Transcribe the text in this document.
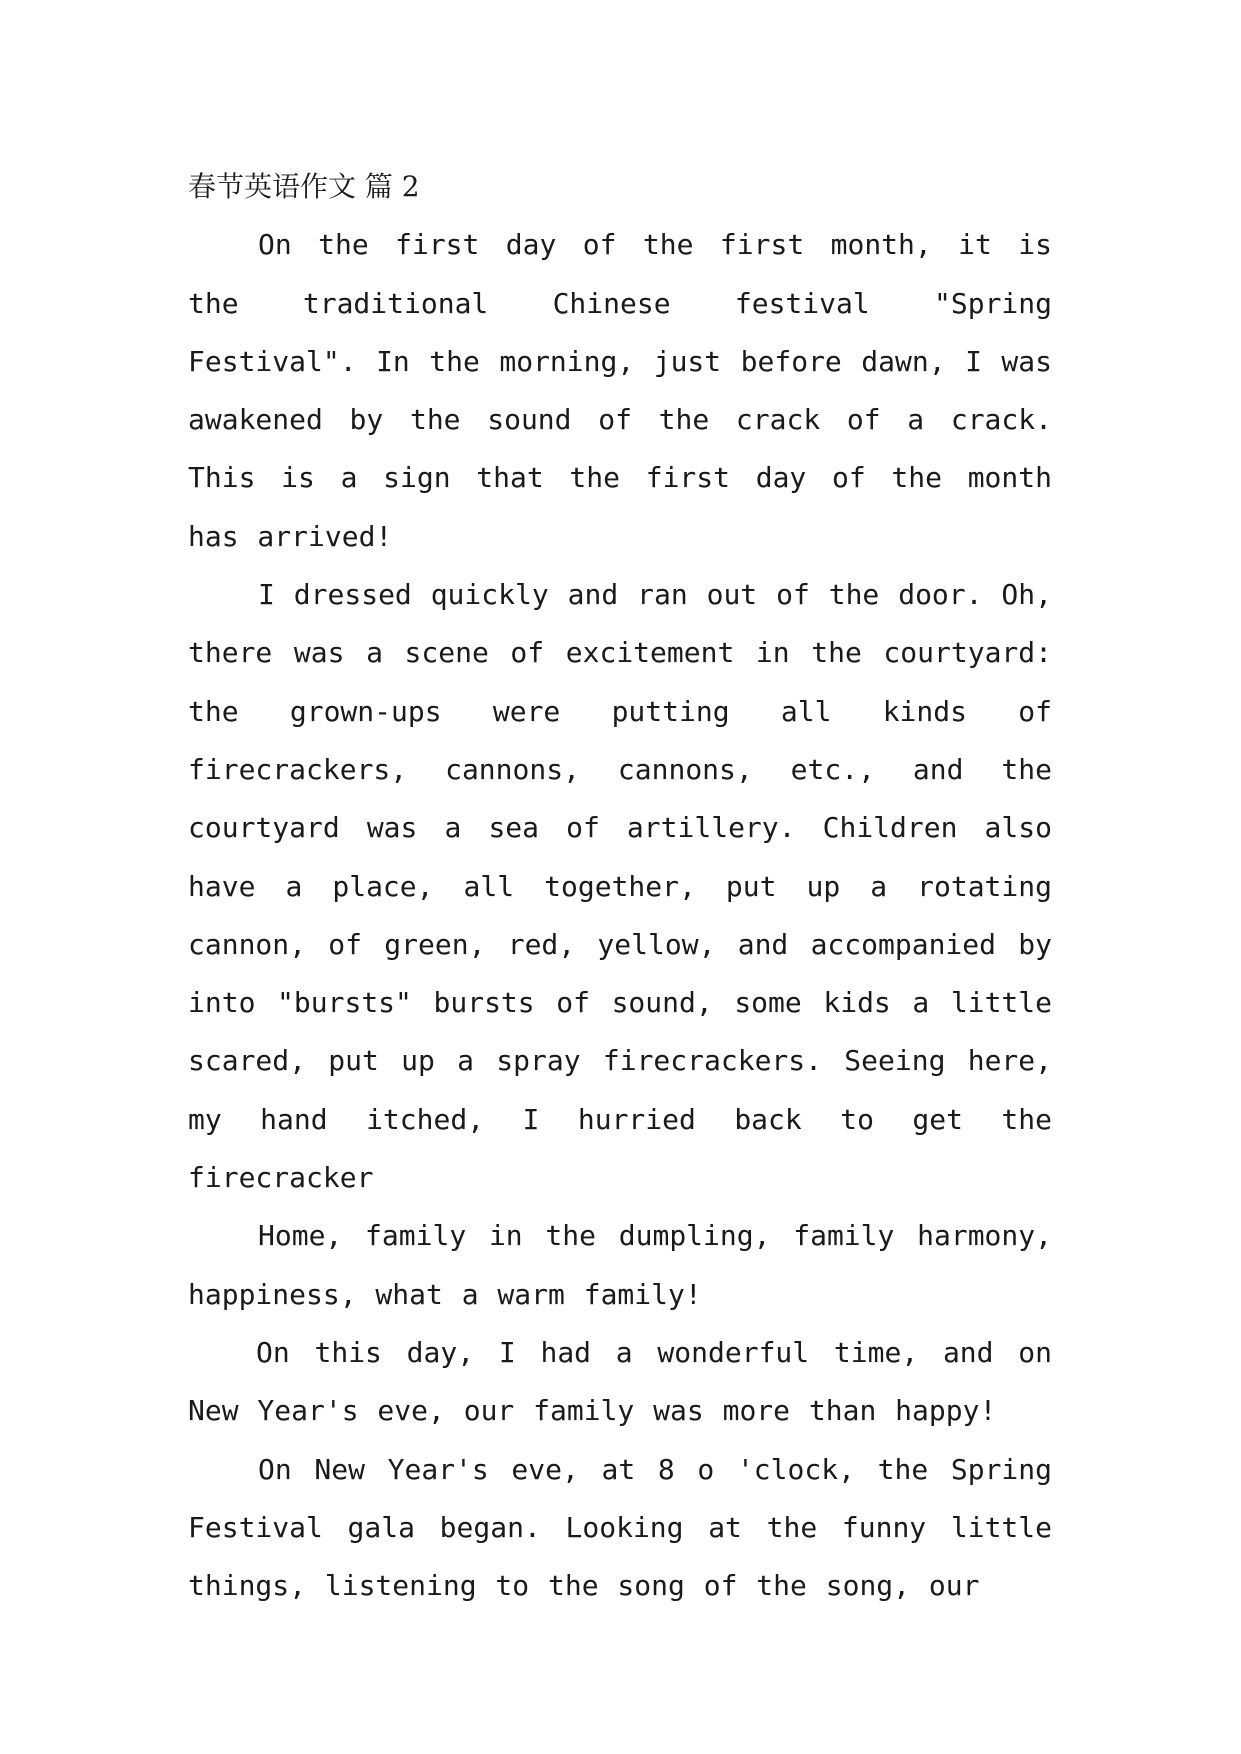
春节英语作文 篇 2

On the first day of the first month, it is the traditional Chinese festival "Spring Festival". In the morning, just before dawn, I was awakened by the sound of the crack of a crack. This is a sign that the first day of the month has arrived!

I dressed quickly and ran out of the door. Oh, there was a scene of excitement in the courtyard: the grown-ups were putting all kinds of firecrackers, cannons, cannons, etc., and the courtyard was a sea of artillery. Children also have a place, all together, put up a rotating cannon, of green, red, yellow, and accompanied by into "bursts" bursts of sound, some kids a little scared, put up a spray firecrackers. Seeing here, my hand itched, I hurried back to get the firecracker

Home, family in the dumpling, family harmony, happiness, what a warm family!

On this day, I had a wonderful time, and on New Year's eve, our family was more than happy!

On New Year's eve, at 8 o 'clock, the Spring Festival gala began. Looking at the funny little things, listening to the song of the song, our
